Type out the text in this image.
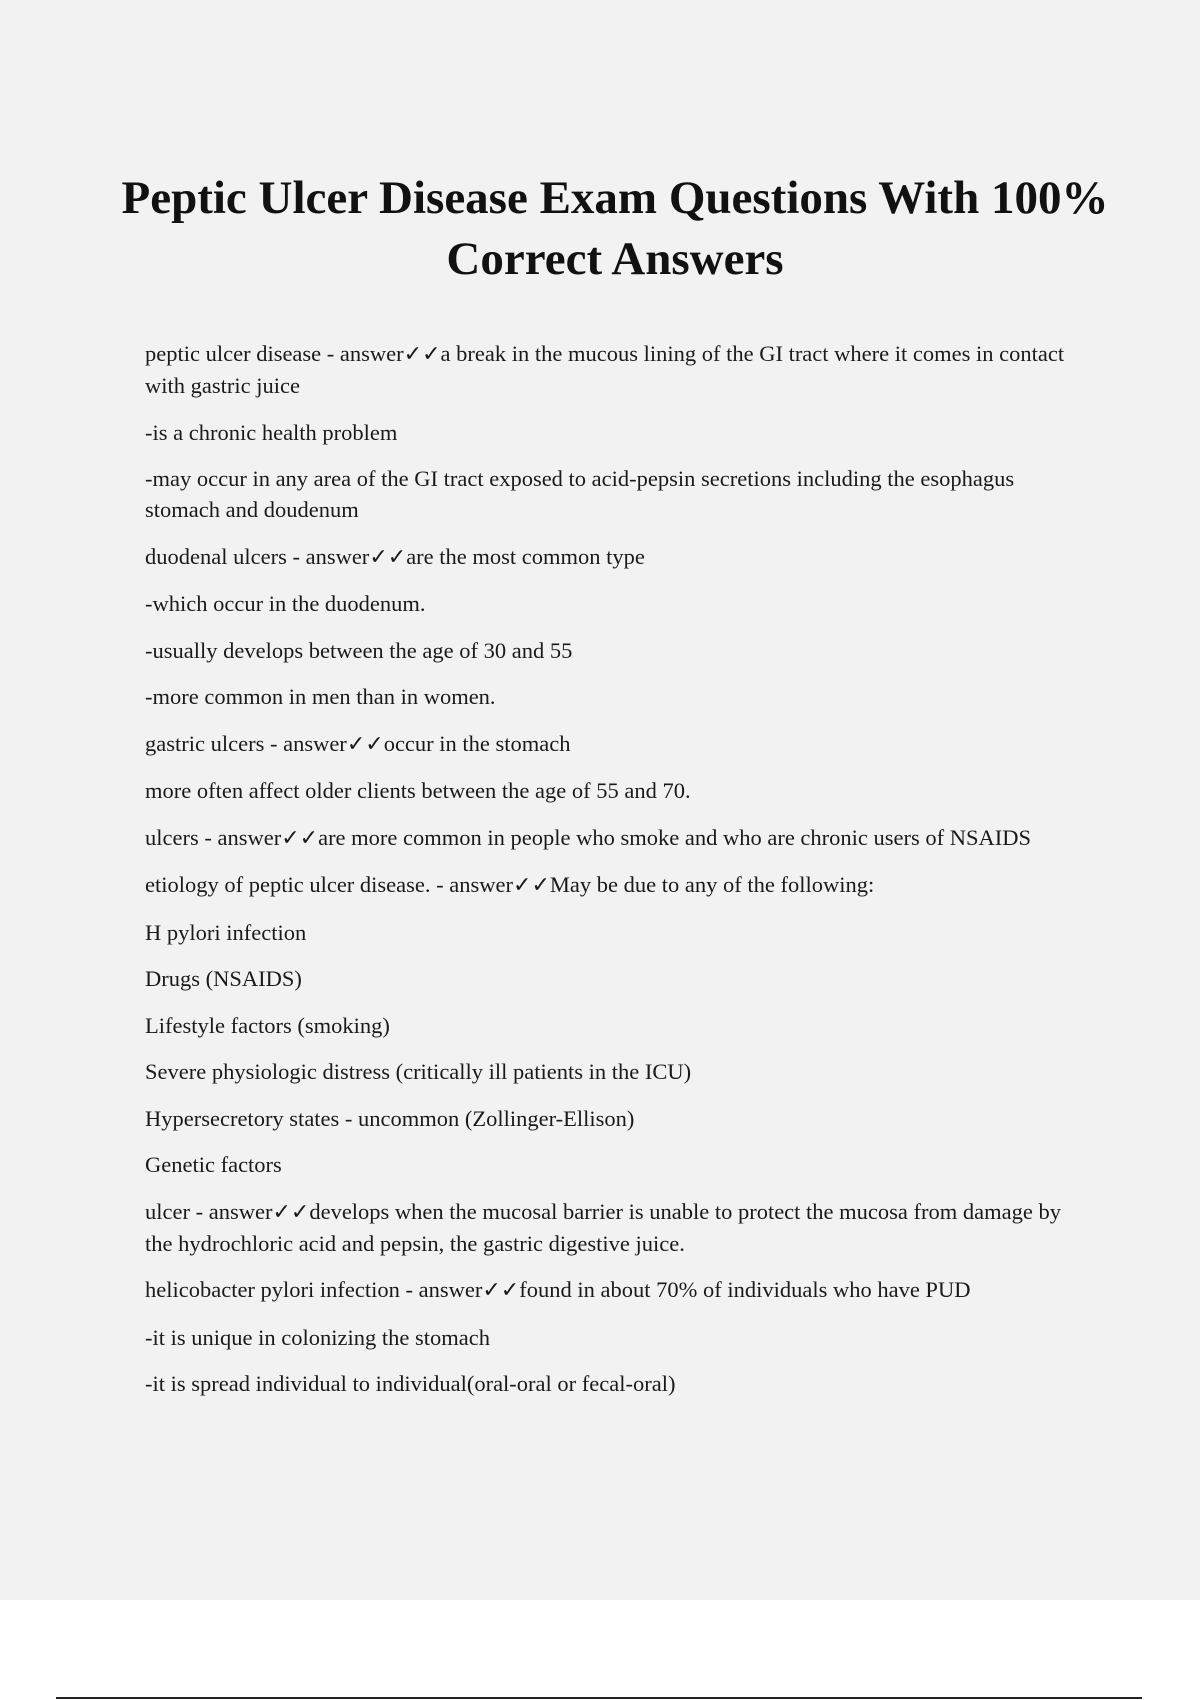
Peptic Ulcer Disease Exam Questions With 100% Correct Answers

peptic ulcer disease - answer✓✓a break in the mucous lining of the GI tract where it comes in contact with gastric juice

-is a chronic health problem

-may occur in any area of the GI tract exposed to acid-pepsin secretions including the esophagus stomach and doudenum

duodenal ulcers - answer✓✓are the most common type

-which occur in the duodenum.

-usually develops between the age of 30 and 55

-more common in men than in women.

gastric ulcers - answer✓✓occur in the stomach

more often affect older clients between the age of 55 and 70.

ulcers - answer✓✓are more common in people who smoke and who are chronic users of NSAIDS

etiology of peptic ulcer disease. - answer✓✓May be due to any of the following:

H pylori infection

Drugs (NSAIDS)

Lifestyle factors (smoking)

Severe physiologic distress (critically ill patients in the ICU)

Hypersecretory states - uncommon (Zollinger-Ellison)

Genetic factors

ulcer - answer✓✓develops when the mucosal barrier is unable to protect the mucosa from damage by the hydrochloric acid and pepsin, the gastric digestive juice.

helicobacter pylori infection - answer✓✓found in about 70% of individuals who have PUD

-it is unique in colonizing the stomach

-it is spread individual to individual(oral-oral or fecal-oral)
